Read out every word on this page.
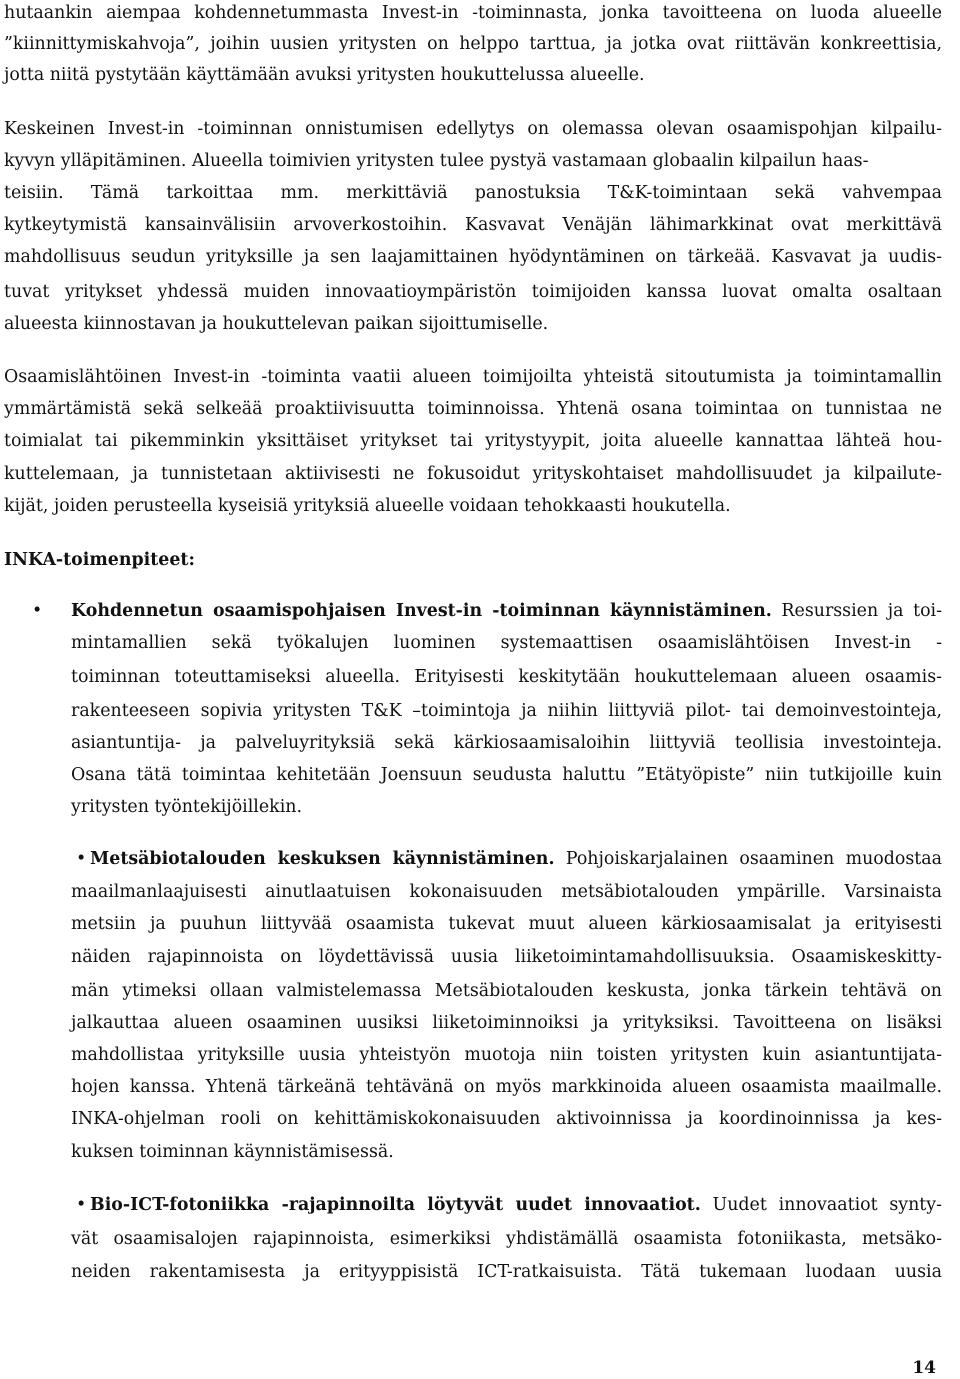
hutaankin aiempaa kohdennetummasta Invest-in -toiminnasta, jonka tavoitteena on luoda alueelle
”kiinnittymiskahvoja”, joihin uusien yritysten on helppo tarttua, ja jotka ovat riittävän konkreettisia,
jotta niitä pystytään käyttämään avuksi yritysten houkuttelussa alueelle.
Keskeinen Invest-in -toiminnan onnistumisen edellytys on olemassa olevan osaamispohjan kilpailu-
kyvyn ylläpitäminen. Alueella toimivien yritysten tulee pystyä vastamaan globaalin kilpailun haas-
teisiin. Tämä tarkoittaa mm. merkittäviä panostuksia T&K-toimintaan sekä vahvempaa
kytkeytymistä kansainvälisiin arvoverkostoihin. Kasvavat Venäjän lähimarkkinat ovat merkittävä
mahdollisuus seudun yrityksille ja sen laajamittainen hyödyntäminen on tärkeää. Kasvavat ja uudis-
tuvat yritykset yhdessä muiden innovaatioympäristön toimijoiden kanssa luovat omalta osaltaan
alueesta kiinnostavan ja houkuttelevan paikan sijoittumiselle.
Osaamislähtöinen Invest-in -toiminta vaatii alueen toimijoilta yhteistä sitoutumista ja toimintamallin
ymmärtämistä sekä selkeää proaktiivisuutta toiminnoissa. Yhtenä osana toimintaa on tunnistaa ne
toimialat tai pikemminkin yksittäiset yritykset tai yritystyypit, joita alueelle kannattaa lähteä hou-
kuttelemaan, ja tunnistetaan aktiivisesti ne fokusoidut yrityskohtaiset mahdollisuudet ja kilpailute-
kijät, joiden perusteella kyseisiä yrityksiä alueelle voidaan tehokkaasti houkutella.
INKA-toimenpiteet:
• Kohdennetun osaamispohjaisen Invest-in -toiminnan käynnistäminen. Resurssien ja toi-
mintamallien sekä työkalujen luominen systemaattisen osaamislähtöisen Invest-in -
toiminnan toteuttamiseksi alueella. Erityisesti keskitytään houkuttelemaan alueen osaamis-
rakenteeseen sopivia yritysten T&K –toimintoja ja niihin liittyviä pilot- tai demoinvestointeja,
asiantuntija- ja palveluyrityksiä sekä kärkiosaamisaloihin liittyviä teollisia investointeja.
Osana tätä toimintaa kehitetään Joensuun seudusta haluttu ”Etätyöpiste” niin tutkijoille kuin
yritysten työntekijöillekin.
• Metsäbiotalouden keskuksen käynnistäminen. Pohjoiskarjalainen osaaminen muodostaa
maailmanlaajuisesti ainutlaatuisen kokonaisuuden metsäbiotalouden ympärille. Varsinaista
metsiin ja puuhun liittyvää osaamista tukevat muut alueen kärkiosaamisalat ja erityisesti
näiden rajapinnoista on löydettävissä uusia liiketoimintamahdollisuuksia. Osaamiskeskitty-
män ytimeksi ollaan valmistelemassa Metsäbiotalouden keskusta, jonka tärkein tehtävä on
jalkauttaa alueen osaaminen uusiksi liiketoiminnoiksi ja yrityksiksi. Tavoitteena on lisäksi
mahdollistaa yrityksille uusia yhteistyön muotoja niin toisten yritysten kuin asiantuntijata-
hojen kanssa. Yhtenä tärkeänä tehtävänä on myös markkinoida alueen osaamista maailmalle.
INKA-ohjelman rooli on kehittämiskokonaisuuden aktivoinnissa ja koordinoinnissa ja kes-
kuksen toiminnan käynnistämisessä.
• Bio-ICT-fotoniikka -rajapinnoilta löytyvät uudet innovaatiot. Uudet innovaatiot synty-
vät osaamisalojen rajapinnoista, esimerkiksi yhdistämällä osaamista fotoniikasta, metsäko-
neiden rakentamisesta ja erityyppisistä ICT-ratkaisuista. Tätä tukemaan luodaan uusia
14
